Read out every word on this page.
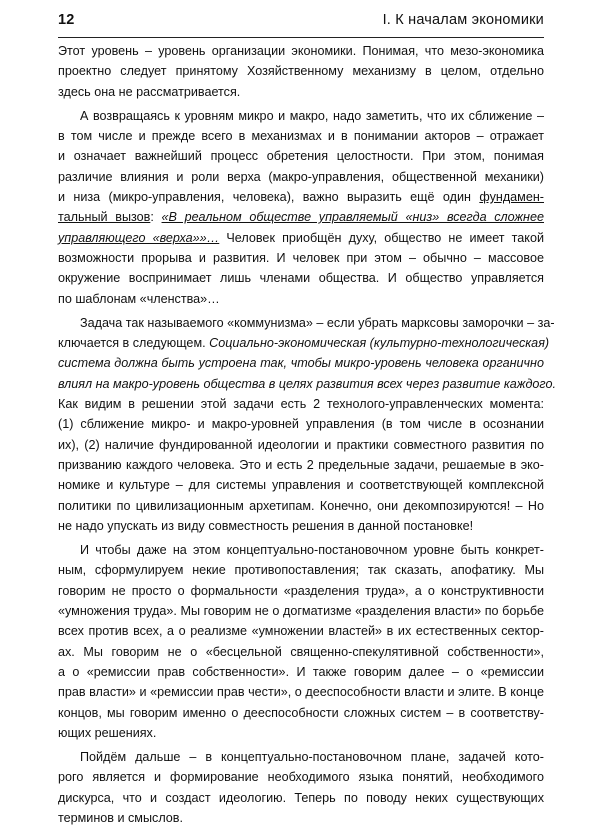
12	I. К началам экономики
Этот уровень – уровень организации экономики. Понимая, что мезо-экономика
проектно следует принятому Хозяйственному механизму в целом, отдельно
здесь она не рассматривается.
А возвращаясь к уровням микро и макро, надо заметить, что их сближение –
в том числе и прежде всего в механизмах и в понимании акторов – отражает
и означает важнейший процесс обретения целостности. При этом, понимая
различие влияния и роли верха (макро-управления, общественной механики)
и низа (микро-управления, человека), важно выразить ещё один фундамен-
тальный вызов: «В реальном обществе управляемый «низ» всегда сложнее
управляющего «верха»»… Человек приобщён духу, общество не имеет такой
возможности прорыва и развития. И человек при этом – обычно – массовое
окружение воспринимает лишь членами общества. И общество управляется
по шаблонам «членства»…
Задача так называемого «коммунизма» – если убрать марксовы заморочки – за-
ключается в следующем. Социально-экономическая (культурно-технологическая)
система должна быть устроена так, чтобы микро-уровень человека органично
влиял на макро-уровень общества в целях развития всех через развитие каждого.
Как видим в решении этой задачи есть 2 технолого-управленческих момента:
(1) сближение микро- и макро-уровней управления (в том числе в осознании
их), (2) наличие фундированной идеологии и практики совместного развития по
призванию каждого человека. Это и есть 2 предельные задачи, решаемые в эко-
номике и культуре – для системы управления и соответствующей комплексной
политики по цивилизационным архетипам. Конечно, они декомпозируются! – Но
не надо упускать из виду совместность решения в данной постановке!
И чтобы даже на этом концептуально-постановочном уровне быть конкрет-
ным, сформулируем некие противопоставления; так сказать, апофатику. Мы
говорим не просто о формальности «разделения труда», а о конструктивности
«умножения труда». Мы говорим не о догматизме «разделения власти» по борьбе
всех против всех, а о реализме «умножении властей» в их естественных сектор-
ах. Мы говорим не о «бесцельной священно-спекулятивной собственности»,
а о «ремиссии прав собственности». И также говорим далее – о «ремиссии
прав власти» и «ремиссии прав чести», о дееспособности власти и элите. В конце
концов, мы говорим именно о дееспособности сложных систем – в соответству-
ющих решениях.
Пойдём дальше – в концептуально-постановочном плане, задачей кото-
рого является и формирование необходимого языка понятий, необходимого
дискурса, что и создаст идеологию. Теперь по поводу неких существующих
терминов и смыслов.
